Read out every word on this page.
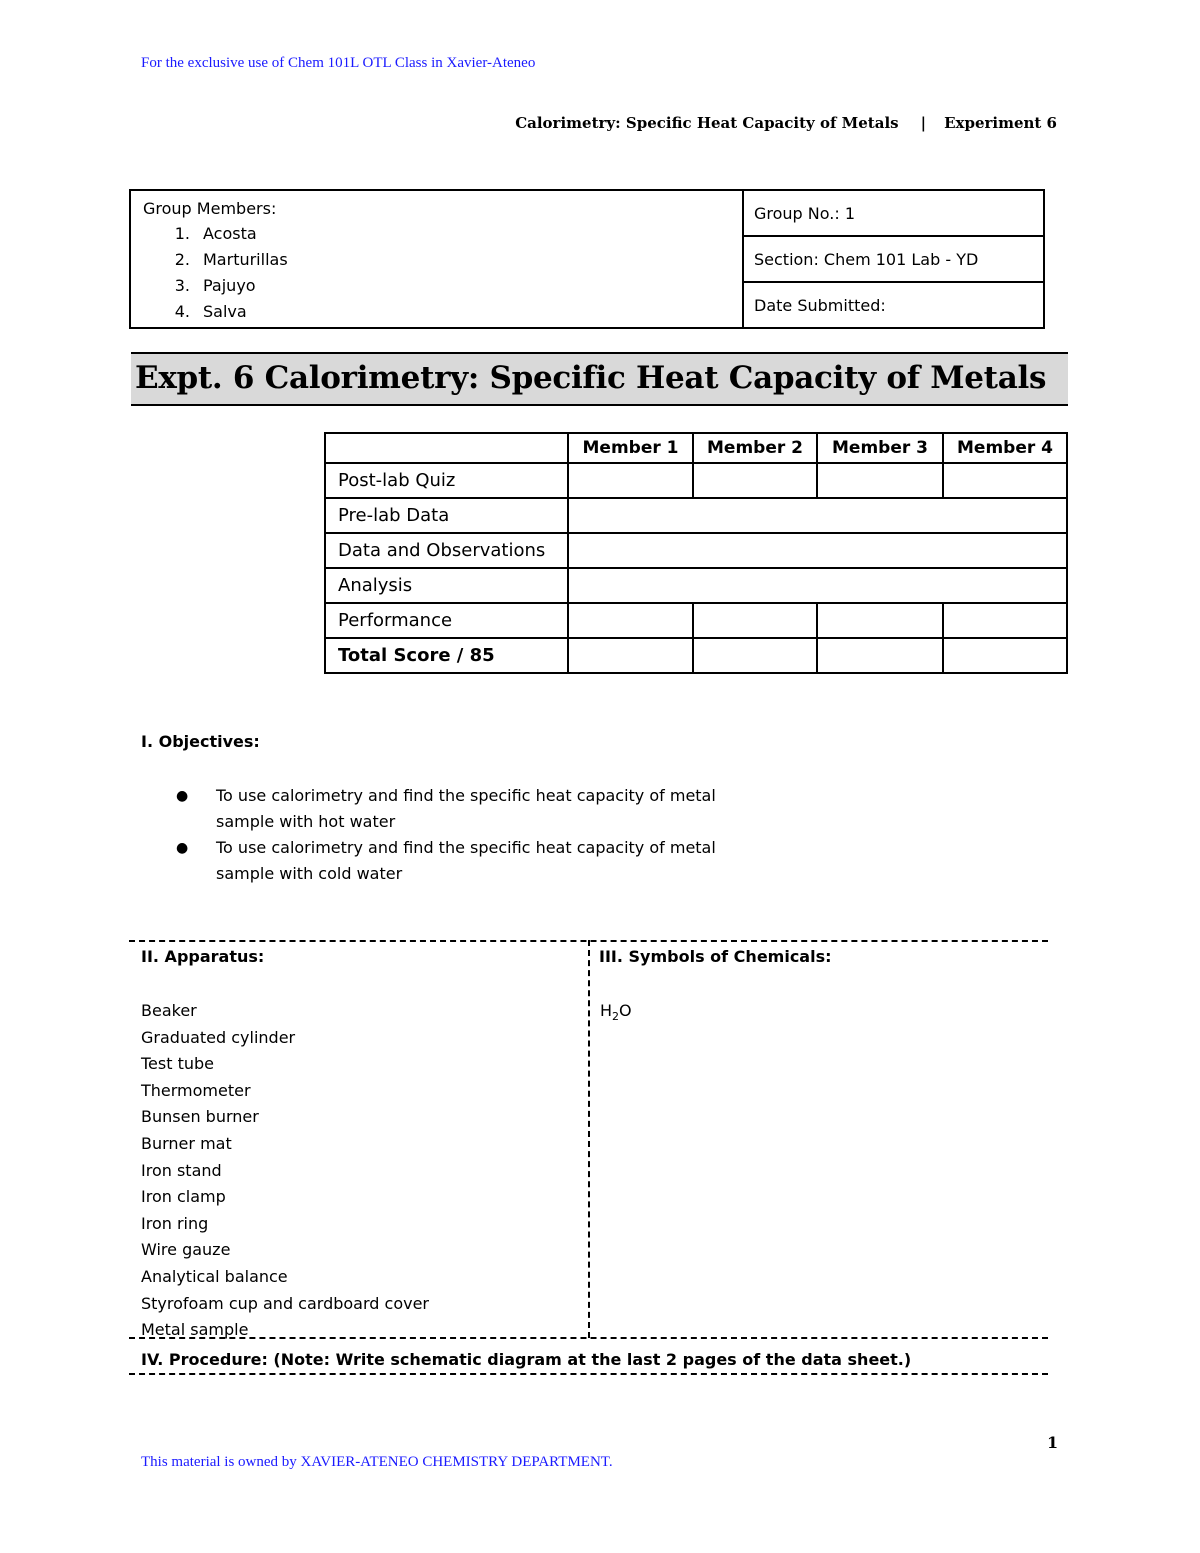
For the exclusive use of Chem 101L OTL Class in Xavier-Ateneo
Calorimetry: Specific Heat Capacity of Metals | Experiment 6
Group Members:
1. Acosta
2. Marturillas
3. Pajuyo
4. Salva
Group No.: 1
Section: Chem 101 Lab - YD
Date Submitted:
Expt. 6 Calorimetry: Specific Heat Capacity of Metals
	Member 1	Member 2	Member 3	Member 4
Post-lab Quiz				
Pre-lab Data				
Data and Observations				
Analysis				
Performance				
Total Score / 85				
I. Objectives:
●	To use calorimetry and find the specific heat capacity of metal sample with hot water
●	To use calorimetry and find the specific heat capacity of metal sample with cold water
II. Apparatus:
Beaker
Graduated cylinder
Test tube
Thermometer
Bunsen burner
Burner mat
Iron stand
Iron clamp
Iron ring
Wire gauze
Analytical balance
Styrofoam cup and cardboard cover
Metal sample
III. Symbols of Chemicals:
$H_2O$
IV. Procedure: (Note: Write schematic diagram at the last 2 pages of the data sheet.)
1
This material is owned by XAVIER-ATENEO CHEMISTRY DEPARTMENT.
